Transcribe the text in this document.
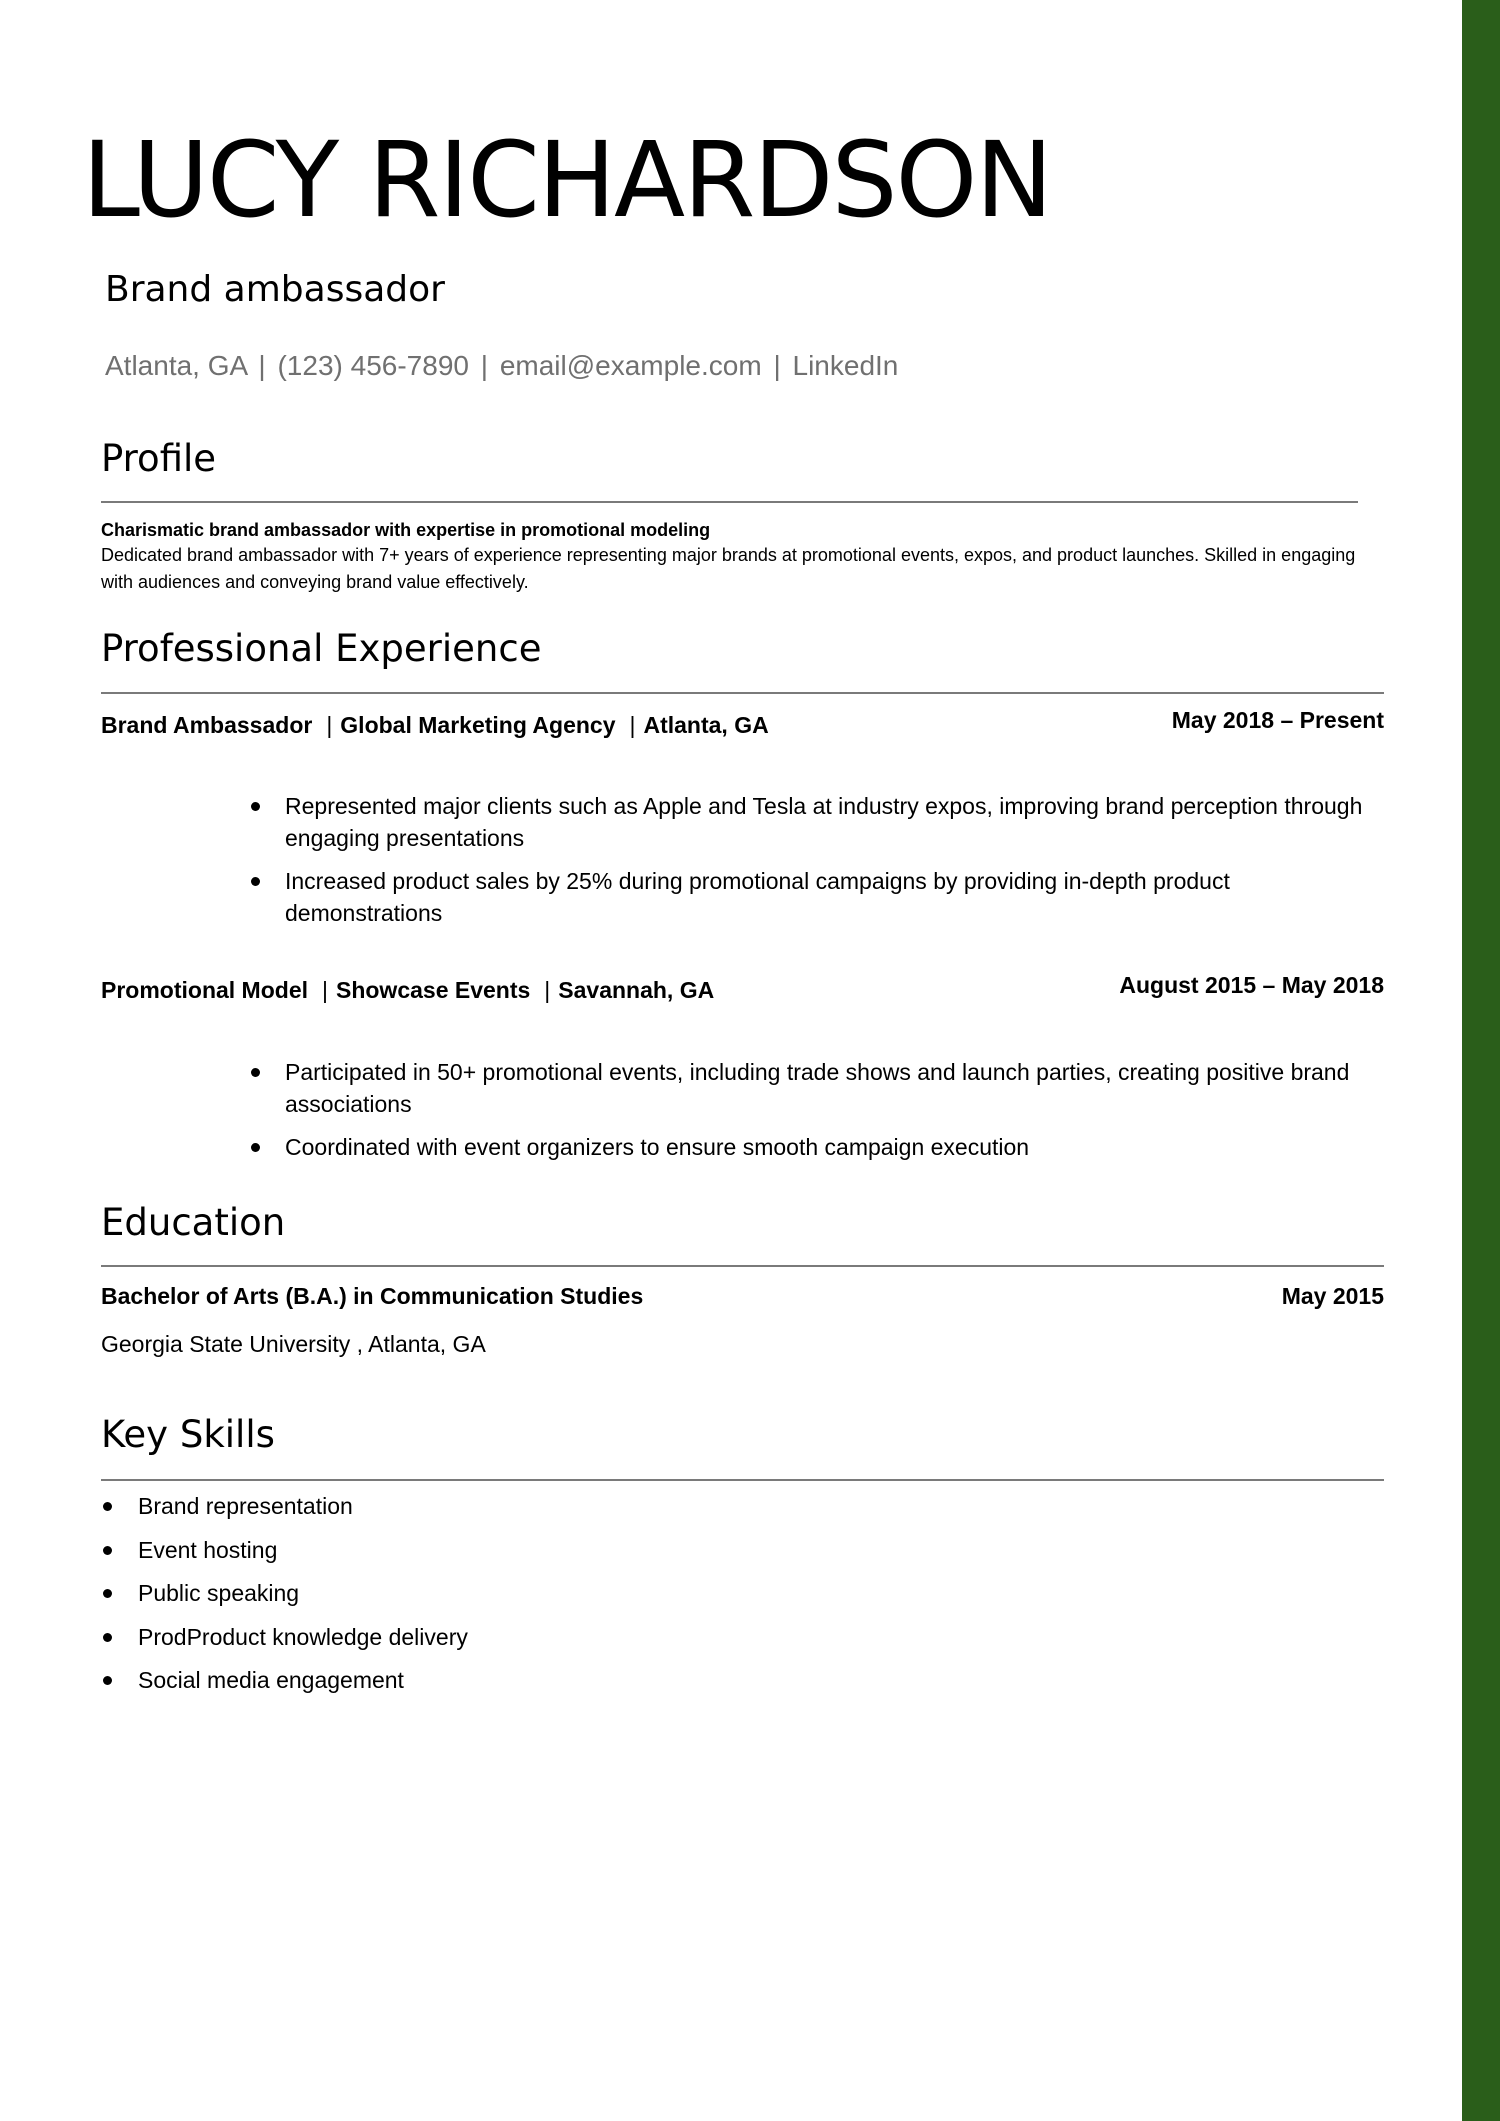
LUCY RICHARDSON
Brand ambassador
Atlanta, GA | (123) 456-7890 | email@example.com | LinkedIn
Profile
Charismatic brand ambassador with expertise in promotional modeling

Dedicated brand ambassador with 7+ years of experience representing major brands at promotional events, expos, and product launches. Skilled in engaging with audiences and conveying brand value effectively.

Professional Experience
Brand Ambassador | Global Marketing Agency | Atlanta, GA	May 2018 – Present
Represented major clients such as Apple and Tesla at industry expos, improving brand perception through engaging presentations
Increased product sales by 25% during promotional campaigns by providing in-depth product demonstrations
Promotional Model | Showcase Events | Savannah, GA	August 2015 – May 2018
Participated in 50+ promotional events, including trade shows and launch parties, creating positive brand associations
Coordinated with event organizers to ensure smooth campaign execution
Education
Bachelor of Arts (B.A.) in Communication Studies	May 2015

Georgia State University , Atlanta, GA

Key Skills
Brand representation
Event hosting
Public speaking
ProdProduct knowledge delivery
Social media engagement
